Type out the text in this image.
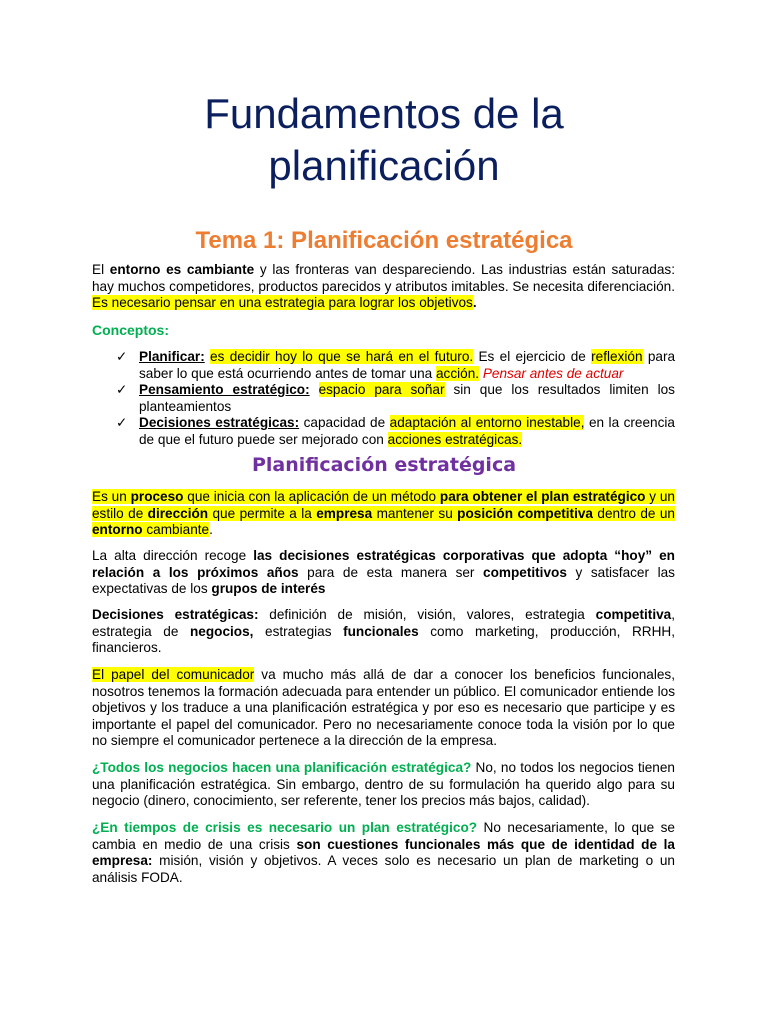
Fundamentos de la
planificación
Tema 1: Planificación estratégica
El entorno es cambiante y las fronteras van despareciendo. Las industrias están saturadas: hay muchos competidores, productos parecidos y atributos imitables. Se necesita diferenciación. Es necesario pensar en una estrategia para lograr los objetivos.
Conceptos:
✓ Planificar: es decidir hoy lo que se hará en el futuro. Es el ejercicio de reflexión para saber lo que está ocurriendo antes de tomar una acción. Pensar antes de actuar
✓ Pensamiento estratégico: espacio para soñar sin que los resultados limiten los planteamientos
✓ Decisiones estratégicas: capacidad de adaptación al entorno inestable, en la creencia de que el futuro puede ser mejorado con acciones estratégicas.
Planificación estratégica
Es un proceso que inicia con la aplicación de un método para obtener el plan estratégico y un estilo de dirección que permite a la empresa mantener su posición competitiva dentro de un entorno cambiante.
La alta dirección recoge las decisiones estratégicas corporativas que adopta “hoy” en relación a los próximos años para de esta manera ser competitivos y satisfacer las expectativas de los grupos de interés
Decisiones estratégicas: definición de misión, visión, valores, estrategia competitiva, estrategia de negocios, estrategias funcionales como marketing, producción, RRHH, financieros.
El papel del comunicador va mucho más allá de dar a conocer los beneficios funcionales, nosotros tenemos la formación adecuada para entender un público. El comunicador entiende los objetivos y los traduce a una planificación estratégica y por eso es necesario que participe y es importante el papel del comunicador. Pero no necesariamente conoce toda la visión por lo que no siempre el comunicador pertenece a la dirección de la empresa.
¿Todos los negocios hacen una planificación estratégica? No, no todos los negocios tienen una planificación estratégica. Sin embargo, dentro de su formulación ha querido algo para su negocio (dinero, conocimiento, ser referente, tener los precios más bajos, calidad).
¿En tiempos de crisis es necesario un plan estratégico? No necesariamente, lo que se cambia en medio de una crisis son cuestiones funcionales más que de identidad de la empresa: misión, visión y objetivos. A veces solo es necesario un plan de marketing o un análisis FODA.
